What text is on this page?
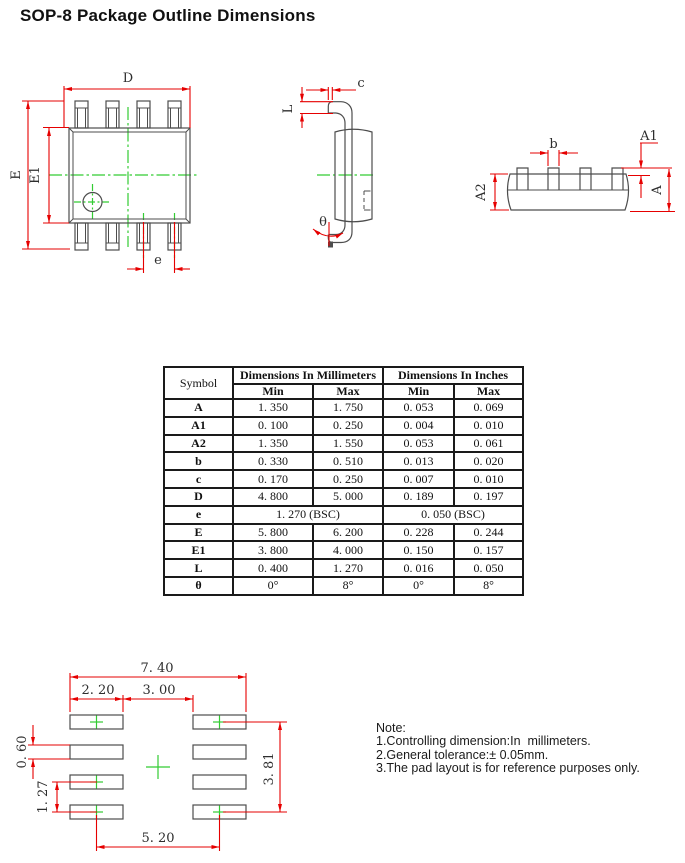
SOP-8 Package Outline Dimensions
D
E E1
e
c
L
θ
b
A1
A
A2
Symbol	Dimensions In Millimeters		Dimensions In Inches	
	Min	Max	Min	Max
A	1. 350	1. 750	0. 053	0. 069
A1	0. 100	0. 250	0. 004	0. 010
A2	1. 350	1. 550	0. 053	0. 061
b	0. 330	0. 510	0. 013	0. 020
c	0. 170	0. 250	0. 007	0. 010
D	4. 800	5. 000	0. 189	0. 197
e	1. 270 (BSC)		0. 050 (BSC)	
E	5. 800	6. 200	0. 228	0. 244
E1	3. 800	4. 000	0. 150	0. 157
L	0. 400	1. 270	0. 016	0. 050
θ	0°	8°	0°	8°
7. 40
2. 20 3. 00
0. 60
1. 27
3. 81
5. 20
Note:
1.Controlling dimension:In  millimeters.
2.General tolerance:± 0.05mm.
3.The pad layout is for reference purposes only.
